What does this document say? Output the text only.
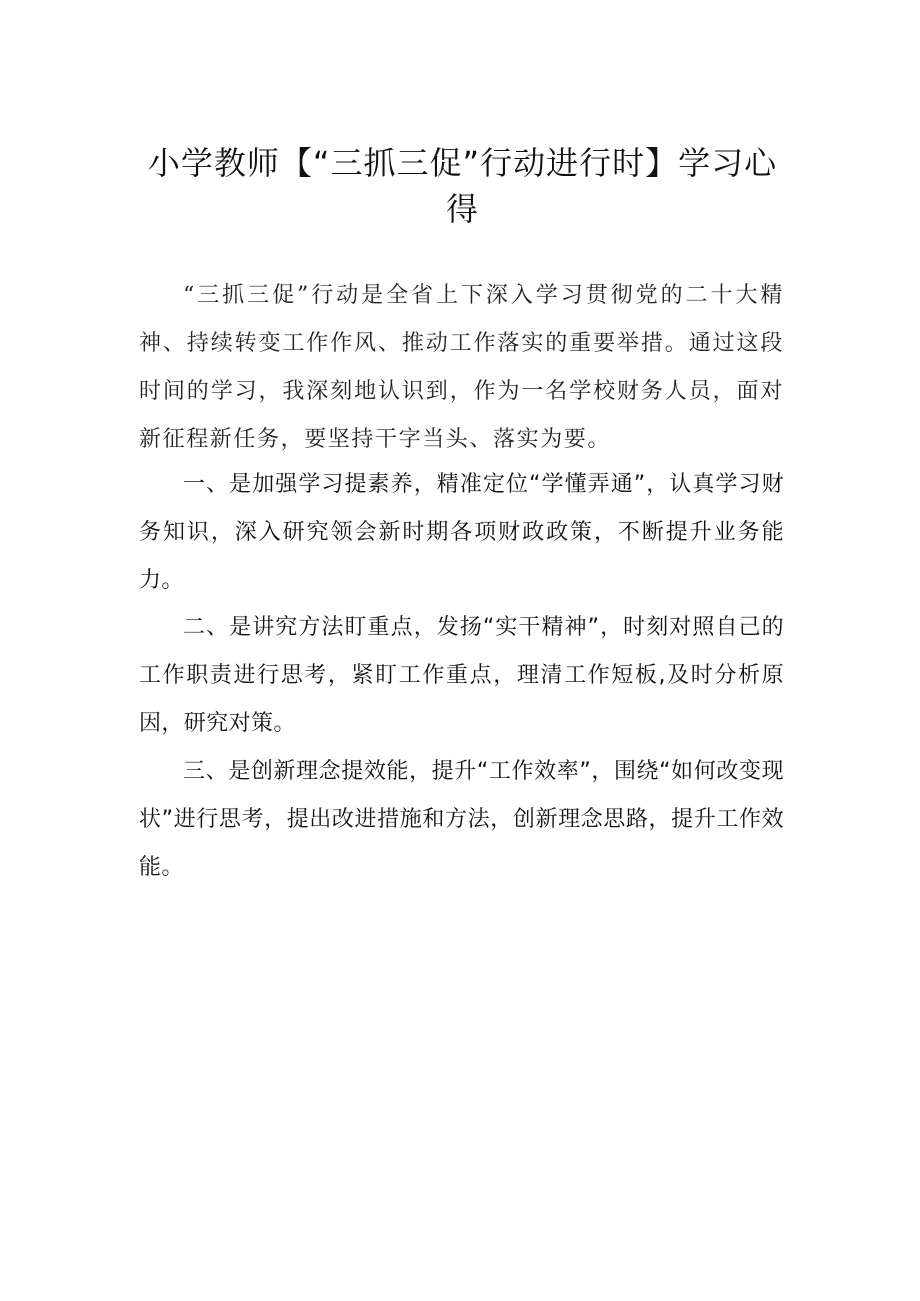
小学教师【“三抓三促”行动进行时】学习心得

“三抓三促”行动是全省上下深入学习贯彻党的二十大精神、持续转变工作作风、推动工作落实的重要举措。通过这段时间的学习，我深刻地认识到，作为一名学校财务人员，面对新征程新任务，要坚持干字当头、落实为要。

一、是加强学习提素养，精准定位“学懂弄通”，认真学习财务知识，深入研究领会新时期各项财政政策，不断提升业务能力。

二、是讲究方法盯重点，发扬“实干精神”，时刻对照自己的工作职责进行思考，紧盯工作重点，理清工作短板,及时分析原因，研究对策。

三、是创新理念提效能，提升“工作效率”，围绕“如何改变现状”进行思考，提出改进措施和方法，创新理念思路，提升工作效能。
